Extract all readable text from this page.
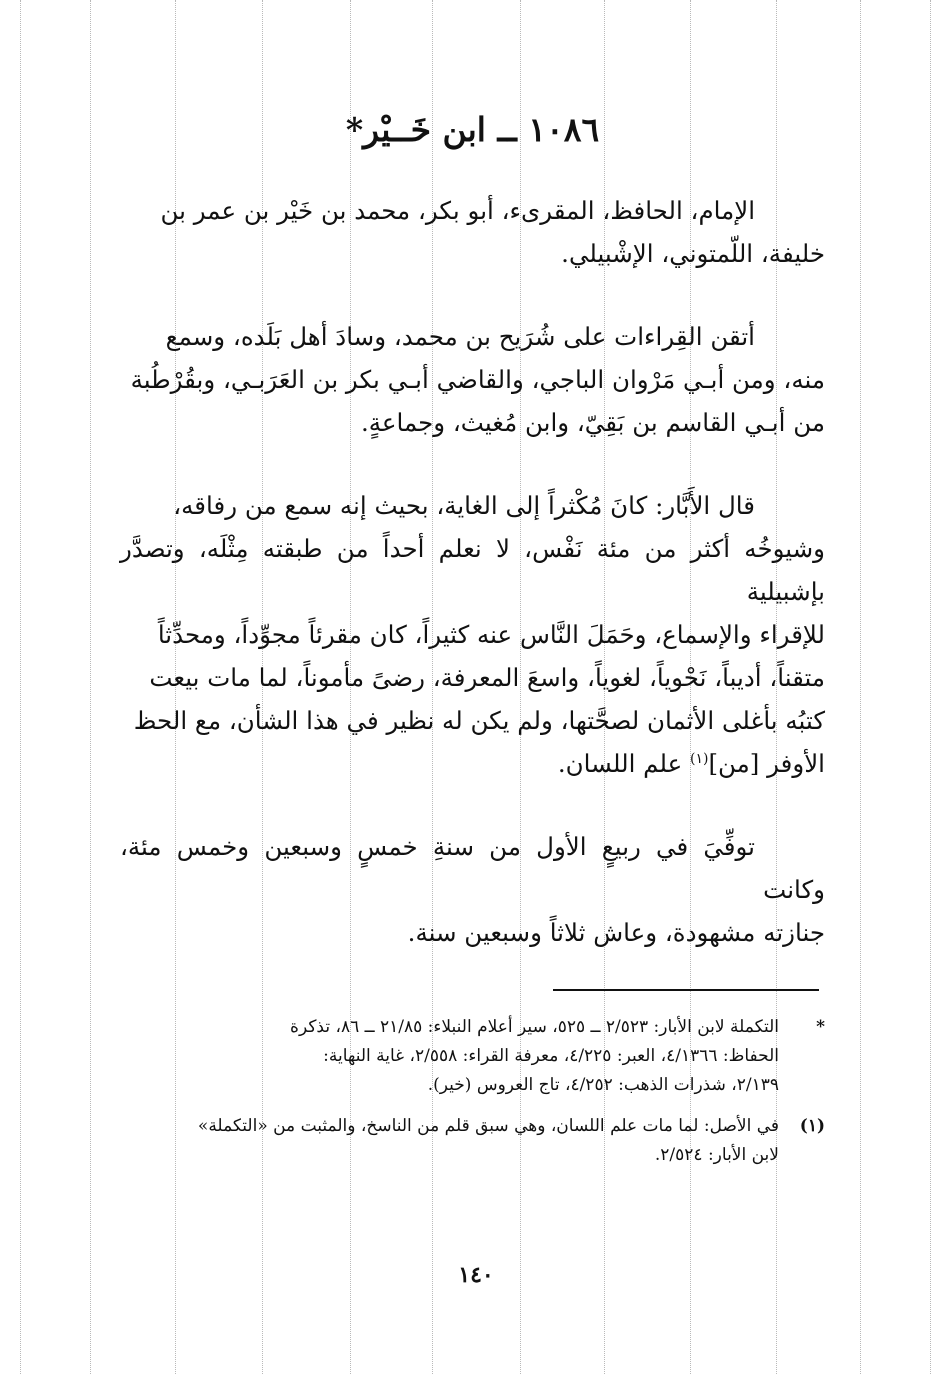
١٠٨٦ ــ ابن خَــيْر*

الإمام، الحافظ، المقرىء، أبو بكر، محمد بن خَيْر بن عمر بن

خليفة، اللّمتوني، الإشْبيلي.

أتقن القِراءات على شُرَيح بن محمد، وسادَ أهل بَلَده، وسمع

منه، ومن أبـي مَرْوان الباجي، والقاضي أبـي بكر بن العَرَبـي، وبقُرْطُبة

من أبـي القاسم بن بَقِيّ، وابن مُغيث، وجماعةٍ.

قال الأَبَّار: كانَ مُكْثراً إلى الغاية، بحيث إنه سمع من رفاقه،

وشيوخُه أكثر من مئة نَفْس، لا نعلم أحداً من طبقته مِثْلَه، وتصدَّر بإشبيلية

للإقراء والإسماع، وحَمَلَ النَّاس عنه كثيراً، كان مقرئاً مجوِّداً، ومحدِّثاً

متقناً، أديباً، نَحْوياً، لغوياً، واسعَ المعرفة، رضىً مأموناً، لما مات بيعت

كتبُه بأغلى الأثمان لصحَّتها، ولم يكن له نظير في هذا الشأن، مع الحظ

الأوفر [من]$^{(١)}$ علم اللسان.

توفِّيَ في ربيعٍ الأول من سنةِ خمسٍ وسبعين وخمس مئة، وكانت

جنازته مشهودة، وعاش ثلاثاً وسبعين سنة.

*
التكملة لابن الأبار: ٢/٥٢٣ ــ ٥٢٥، سير أعلام النبلاء: ٢١/٨٥ ــ ٨٦، تذكرة
الحفاظ: ٤/١٣٦٦، العبر: ٤/٢٢٥، معرفة القراء: ٢/٥٥٨، غاية النهاية:
٢/١٣٩، شذرات الذهب: ٤/٢٥٢، تاج العروس (خير).
(١)
في الأصل: لما مات علم اللسان، وهي سبق قلم من الناسخ، والمثبت من «التكملة»
لابن الأبار: ٢/٥٢٤.
١٤٠
